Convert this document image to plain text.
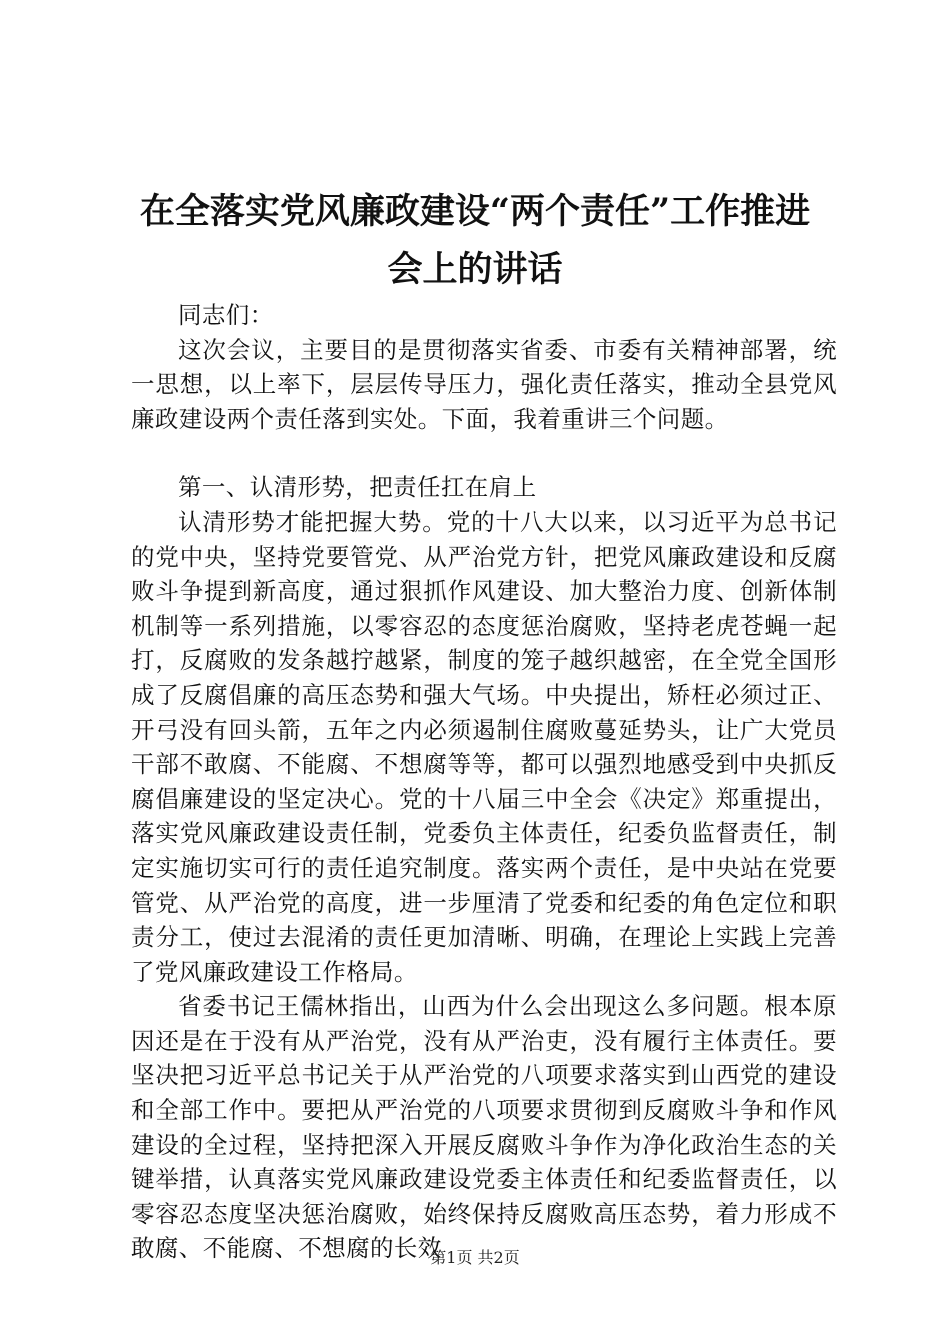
在全落实党风廉政建设“两个责任”工作推进
会上的讲话

同志们：

这次会议，主要目的是贯彻落实省委、市委有关精神部署，统一思想，以上率下，层层传导压力，强化责任落实，推动全县党风廉政建设两个责任落到实处。下面，我着重讲三个问题。

第一、认清形势，把责任扛在肩上

认清形势才能把握大势。党的十八大以来，以习近平为总书记的党中央，坚持党要管党、从严治党方针，把党风廉政建设和反腐败斗争提到新高度，通过狠抓作风建设、加大整治力度、创新体制机制等一系列措施，以零容忍的态度惩治腐败，坚持老虎苍蝇一起打，反腐败的发条越拧越紧，制度的笼子越织越密，在全党全国形成了反腐倡廉的高压态势和强大气场。中央提出，矫枉必须过正、开弓没有回头箭，五年之内必须遏制住腐败蔓延势头，让广大党员干部不敢腐、不能腐、不想腐等等，都可以强烈地感受到中央抓反腐倡廉建设的坚定决心。党的十八届三中全会《决定》郑重提出，落实党风廉政建设责任制，党委负主体责任，纪委负监督责任，制定实施切实可行的责任追究制度。落实两个责任，是中央站在党要管党、从严治党的高度，进一步厘清了党委和纪委的角色定位和职责分工，使过去混淆的责任更加清晰、明确，在理论上实践上完善了党风廉政建设工作格局。

省委书记王儒林指出，山西为什么会出现这么多问题。根本原因还是在于没有从严治党，没有从严治吏，没有履行主体责任。要坚决把习近平总书记关于从严治党的八项要求落实到山西党的建设和全部工作中。要把从严治党的八项要求贯彻到反腐败斗争和作风建设的全过程，坚持把深入开展反腐败斗争作为净化政治生态的关键举措，认真落实党风廉政建设党委主体责任和纪委监督责任，以零容忍态度坚决惩治腐败，始终保持反腐败高压态势，着力形成不敢腐、不能腐、不想腐的长效

第1页 共2页
